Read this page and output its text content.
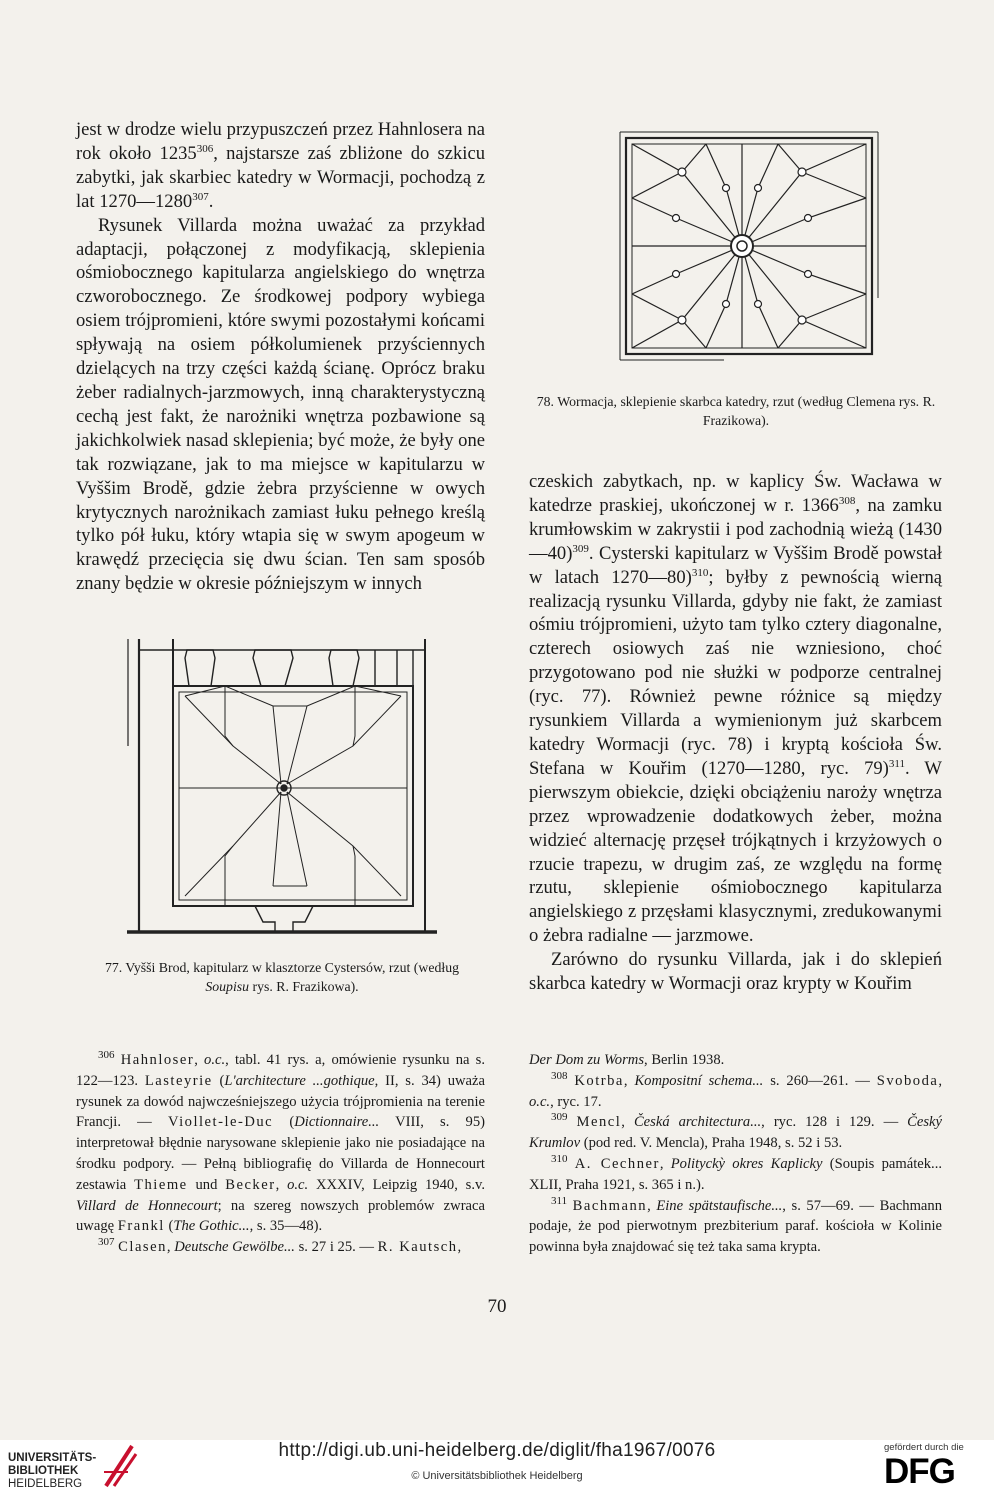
jest w drodze wielu przypuszczeń przez Hahnlosera na rok około 1235$^{306}$, najstarsze zaś zbliżone do szkicu zabytki, jak skarbiec katedry w Wormacji, pochodzą z lat 1270—1280$^{307}$.

Rysunek Villarda można uważać za przykład adaptacji, połączonej z modyfikacją, sklepienia ośmiobocznego kapitularza angielskiego do wnętrza czworobocznego. Ze środkowej podpory wybiega osiem trójpromieni, które swymi pozostałymi końcami spływają na osiem półkolumienek przyściennych dzielących na trzy części każdą ścianę. Oprócz braku żeber radialnych-jarzmowych, inną charakterystyczną cechą jest fakt, że narożniki wnętrza pozbawione są jakichkolwiek nasad sklepienia; być może, że były one tak rozwiązane, jak to ma miejsce w kapitularzu w Vyššim Brodě, gdzie żebra przyścienne w owych krytycznych narożnikach zamiast łuku pełnego kreślą tylko pół łuku, który wtapia się w swym apogeum w krawędź przecięcia się dwu ścian. Ten sam sposób znany będzie w okresie późniejszym w innych

77. Vyšši Brod, kapitularz w klasztorze Cystersów, rzut (według
Soupisu rys. R. Frazikowa).
78. Wormacja, sklepienie skarbca katedry, rzut (według Clemena rys. R. Frazikowa).

czeskich zabytkach, np. w kaplicy Św. Wacława w katedrze praskiej, ukończonej w r. 1366$^{308}$, na zamku krumłowskim w zakrystii i pod zachodnią wieżą (1430—40)$^{309}$. Cysterski kapitularz w Vyššim Brodě powstał w latach 1270—80)$^{310}$; byłby z pewnością wierną realizacją rysunku Villarda, gdyby nie fakt, że zamiast ośmiu trójpromieni, użyto tam tylko cztery diagonalne, czterech osiowych zaś nie wzniesiono, choć przygotowano pod nie służki w podporze centralnej (ryc. 77). Również pewne różnice są między rysunkiem Villarda a wymienionym już skarbcem katedry Wormacji (ryc. 78) i kryptą kościoła Św. Stefana w Kouřim (1270—1280, ryc. 79)$^{311}$. W pierwszym obiekcie, dzięki obciążeniu naroży wnętrza przez wprowadzenie dodatkowych żeber, można widzieć alternację przęseł trójkątnych i krzyżowych o rzucie trapezu, w drugim zaś, ze względu na formę rzutu, sklepienie ośmiobocznego kapitularza angielskiego z przęsłami klasycznymi, zredukowanymi o żebra radialne — jarzmowe.

Zarówno do rysunku Villarda, jak i do sklepień skarbca katedry w Wormacji oraz krypty w Kouřim

$^{306}$ Hahnloser, o.c., tabl. 41 rys. a, omówienie rysunku na s. 122—123. Lasteyrie (L'architecture ...gothique, II, s. 34) uważa rysunek za dowód najwcześniejszego użycia trójpromienia na terenie Francji. — Viollet-le-Duc (Dictionnaire... VIII, s. 95) interpretował błędnie narysowane sklepienie jako nie posiadające na środku podpory. — Pełną bibliografię do Villarda de Honnecourt zestawia Thieme und Becker, o.c. XXXIV, Leipzig 1940, s.v. Villard de Honnecourt; na szereg nowszych problemów zwraca uwagę Frankl (The Gothic..., s. 35—48).

$^{307}$ Clasen, Deutsche Gewölbe... s. 27 i 25. — R. Kautsch,

Der Dom zu Worms, Berlin 1938.

$^{308}$ Kotrba, Kompositní schema... s. 260—261. — Svoboda, o.c., ryc. 17.

$^{309}$ Mencl, Česká architectura..., ryc. 128 i 129. — Český Krumlov (pod red. V. Mencla), Praha 1948, s. 52 i 53.

$^{310}$ A. Cechner, Polityckỳ okres Kaplicky (Soupis památek... XLII, Praha 1921, s. 365 i n.).

$^{311}$ Bachmann, Eine spätstaufische..., s. 57—69. — Bachmann podaje, że pod pierwotnym prezbiterium paraf. kościoła w Kolinie powinna była znajdować się też taka sama krypta.

70
UNIVERSITÄTS-
BIBLIOTHEK
HEIDELBERG
http://digi.ub.uni-heidelberg.de/diglit/fha1967/0076
© Universitätsbibliothek Heidelberg
gefördert durch die
DFG
